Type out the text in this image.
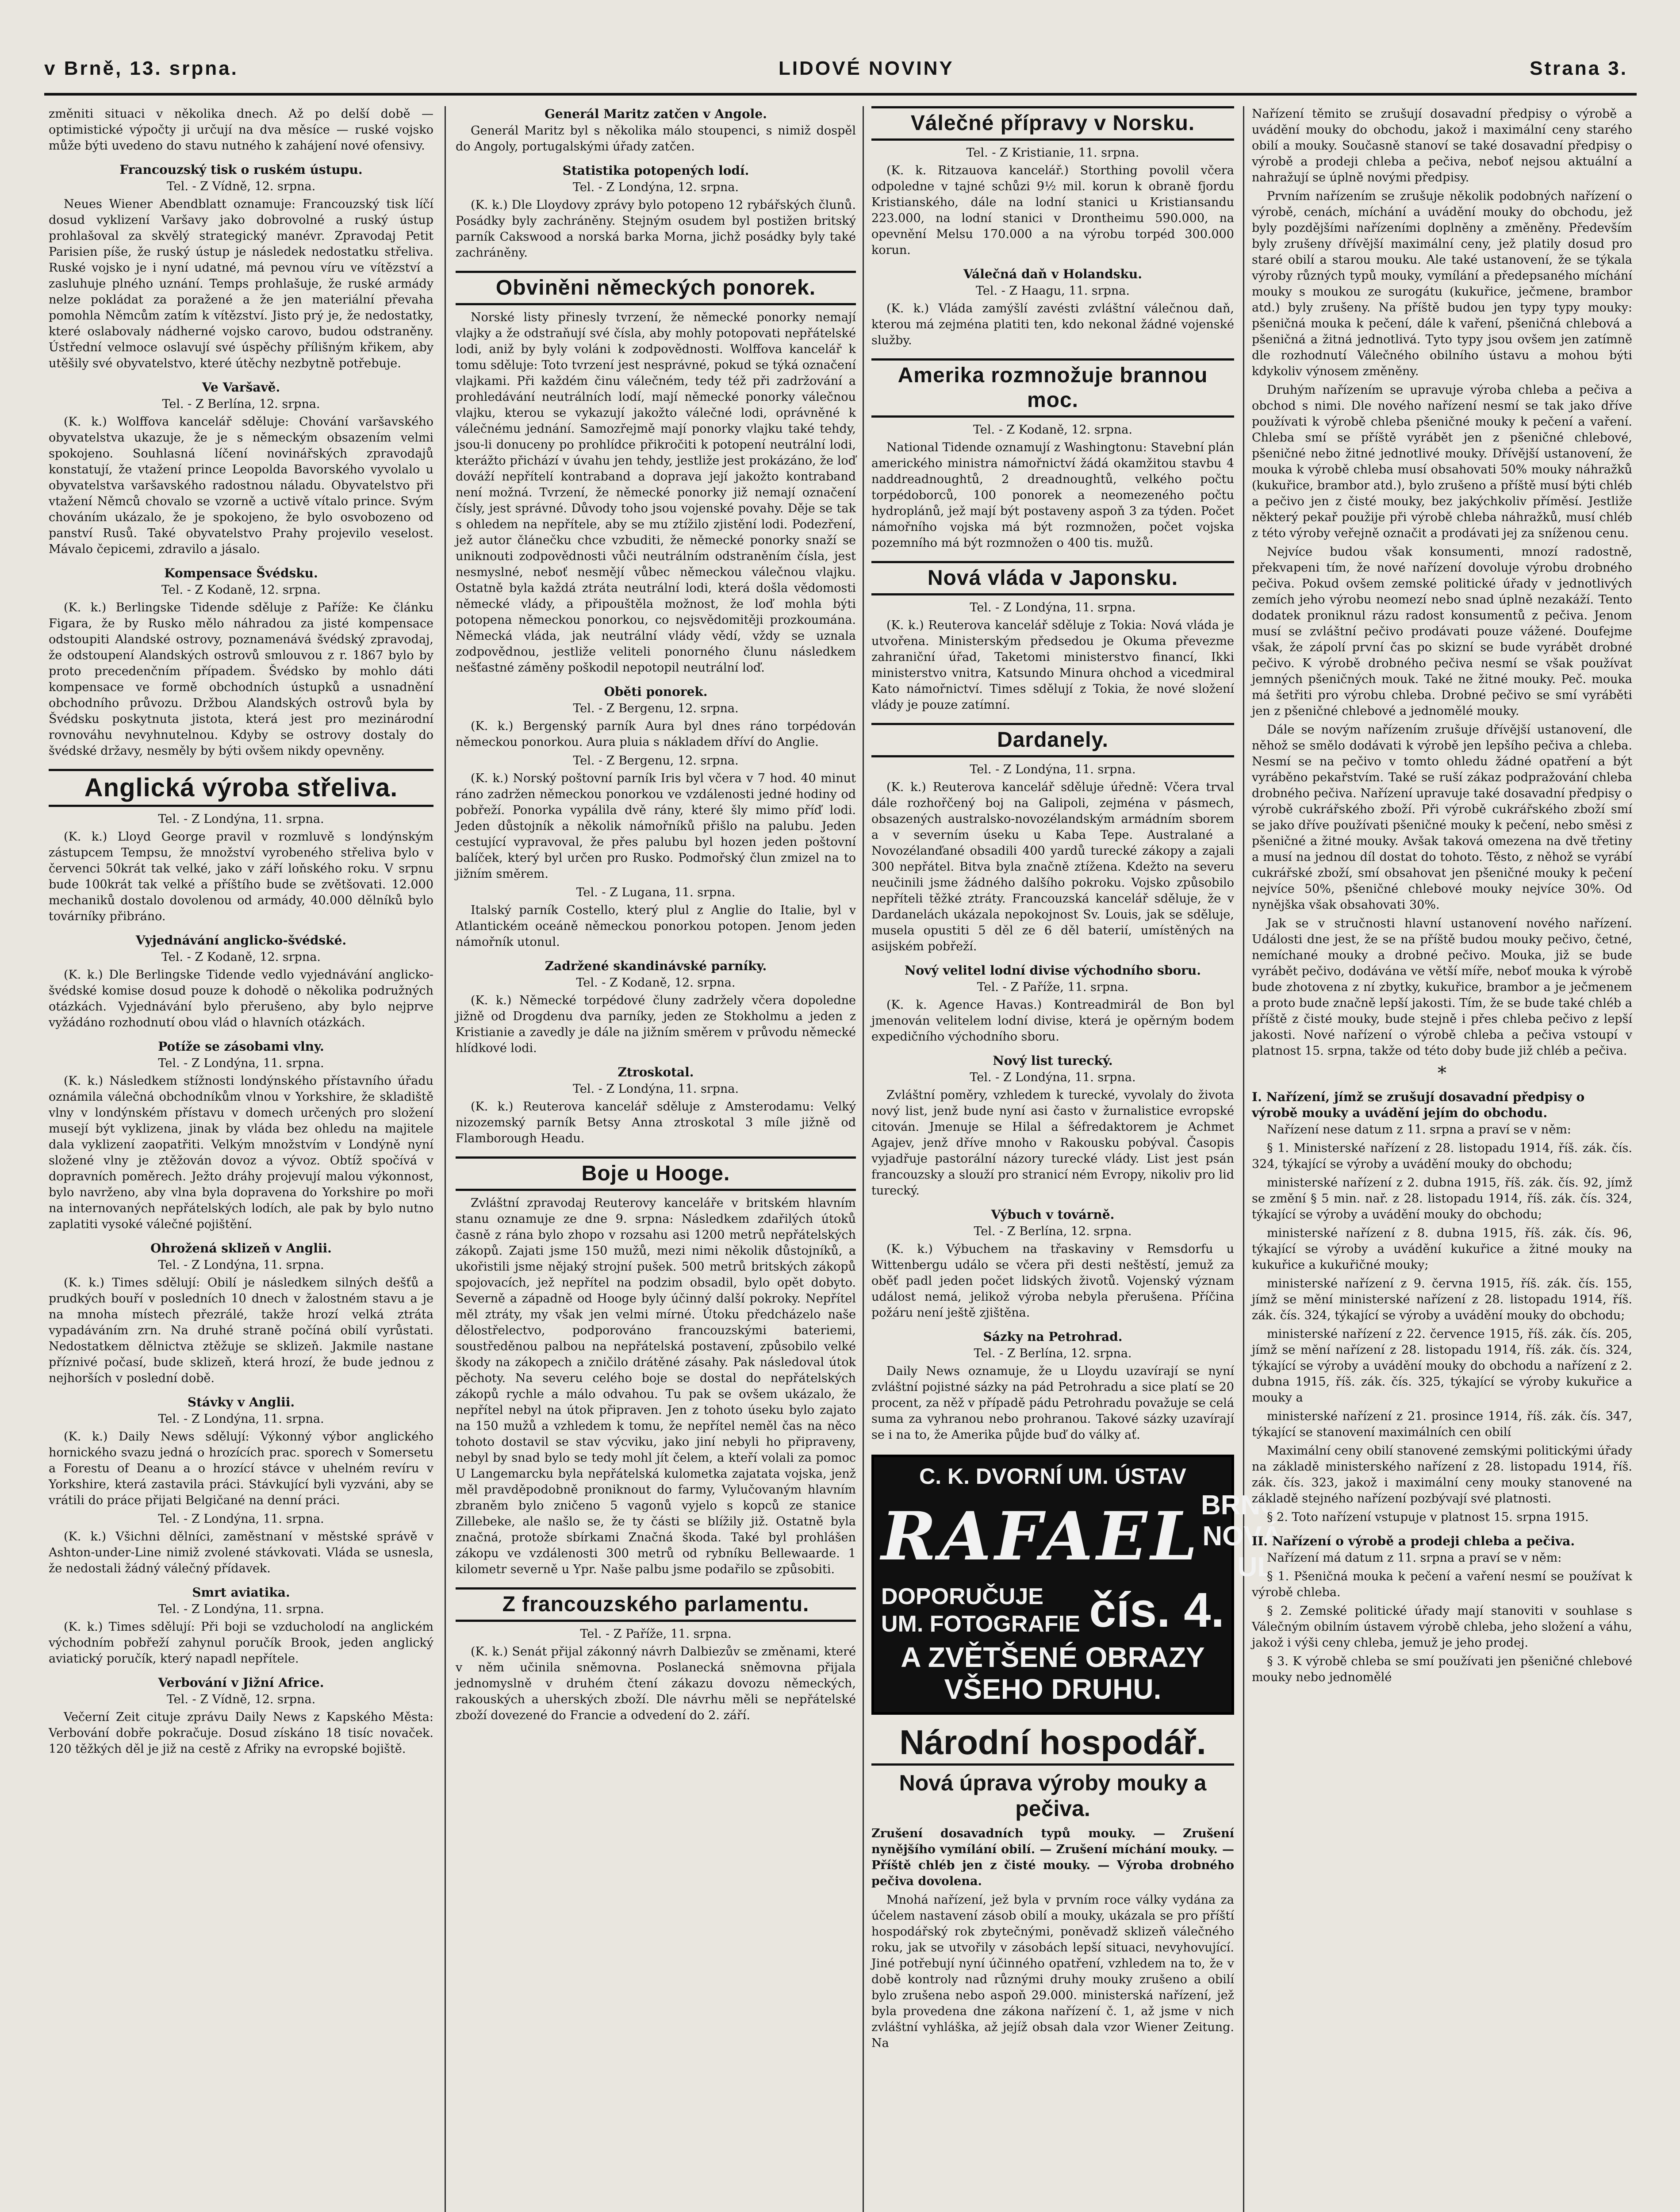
v Brně, 13. srpna.	LIDOVÉ NOVINY	Strana 3.

změniti situaci v několika dnech. Až po delší době — optimistické výpočty ji určují na dva měsíce — ruské vojsko může býti uvedeno do stavu nutného k zahájení nové ofensivy.

Francouzský tisk o ruském ústupu.

Tel. - Z Vídně, 12. srpna.

Neues Wiener Abendblatt oznamuje: Francouzský tisk líčí dosud vyklizení Varšavy jako dobrovolné a ruský ústup prohlašoval za skvělý strategický manévr. Zpravodaj Petit Parisien píše, že ruský ústup je následek nedostatku střeliva. Ruské vojsko je i nyní udatné, má pevnou víru ve vítězství a zasluhuje plného uznání. Temps prohlašuje, že ruské armády nelze pokládat za poražené a že jen materiální převaha pomohla Němcům zatím k vítězství. Jisto prý je, že nedostatky, které oslabovaly nádherné vojsko carovo, budou odstraněny. Ústřední velmoce oslavují své úspěchy přílišným křikem, aby utěšily své obyvatelstvo, které útěchy nezbytně potřebuje.

Ve Varšavě.

Tel. - Z Berlína, 12. srpna.

(K. k.) Wolffova kancelář sděluje: Chování varšavského obyvatelstva ukazuje, že je s německým obsazením velmi spokojeno. Souhlasná líčení novinářských zpravodajů konstatují, že vtažení prince Leopolda Bavorského vyvolalo u obyvatelstva varšavského radostnou náladu. Obyvatelstvo při vtažení Němců chovalo se vzorně a uctivě vítalo prince. Svým chováním ukázalo, že je spokojeno, že bylo osvobozeno od panství Rusů. Také obyvatelstvo Prahy projevilo veselost. Mávalo čepicemi, zdravilo a jásalo.

Kompensace Švédsku.

Tel. - Z Kodaně, 12. srpna.

(K. k.) Berlingske Tidende sděluje z Paříže: Ke článku Figara, že by Rusko mělo náhradou za jisté kompensace odstoupiti Alandské ostrovy, poznamenává švédský zpravodaj, že odstoupení Alandských ostrovů smlouvou z r. 1867 bylo by proto precedenčním případem. Švédsko by mohlo dáti kompensace ve formě obchodních ústupků a usnadnění obchodního průvozu. Držbou Alandských ostrovů byla by Švédsku poskytnuta jistota, která jest pro mezinárodní rovnováhu nevyhnutelnou. Kdyby se ostrovy dostaly do švédské državy, nesměly by býti ovšem nikdy opevněny.

Anglická výroba střeliva.

Tel. - Z Londýna, 11. srpna.

(K. k.) Lloyd George pravil v rozmluvě s londýnským zástupcem Tempsu, že množství vyrobeného střeliva bylo v červenci 50krát tak velké, jako v září loňského roku. V srpnu bude 100krát tak velké a příštího bude se zvětšovati. 12.000 mechaniků dostalo dovolenou od armády, 40.000 dělníků bylo továrníky přibráno.

Vyjednávání anglicko-švédské.

Tel. - Z Kodaně, 12. srpna.

(K. k.) Dle Berlingske Tidende vedlo vyjednávání anglicko-švédské komise dosud pouze k dohodě o několika podružných otázkách. Vyjednávání bylo přerušeno, aby bylo nejprve vyžádáno rozhodnutí obou vlád o hlavních otázkách.

Potíže se zásobami vlny.

Tel. - Z Londýna, 11. srpna.

(K. k.) Následkem stížnosti londýnského přístavního úřadu oznámila válečná obchodníkům vlnou v Yorkshire, že skladiště vlny v londýnském přístavu v domech určených pro složení musejí být vyklizena, jinak by vláda bez ohledu na majitele dala vyklizení zaopatřiti. Velkým množstvím v Londýně nyní složené vlny je ztěžován dovoz a vývoz. Obtíž spočívá v dopravních poměrech. Ježto dráhy projevují malou výkonnost, bylo navrženo, aby vlna byla dopravena do Yorkshire po moři na internovaných nepřátelských lodích, ale pak by bylo nutno zaplatiti vysoké válečné pojištění.

Ohrožená sklizeň v Anglii.

Tel. - Z Londýna, 11. srpna.

(K. k.) Times sdělují: Obilí je následkem silných dešťů a prudkých bouří v posledních 10 dnech v žalostném stavu a je na mnoha místech přezrálé, takže hrozí velká ztráta vypadáváním zrn. Na druhé straně počíná obilí vyrůstati. Nedostatkem dělnictva ztěžuje se sklizeň. Jakmile nastane příznivé počasí, bude sklizeň, která hrozí, že bude jednou z nejhorších v poslední době.

Stávky v Anglii.

Tel. - Z Londýna, 11. srpna.

(K. k.) Daily News sdělují: Výkonný výbor anglického hornického svazu jedná o hrozících prac. sporech v Somersetu a Forestu of Deanu a o hrozící stávce v uhelném revíru v Yorkshire, která zastavila práci. Stávkující byli vyzváni, aby se vrátili do práce přijati Belgičané na denní práci.

Tel. - Z Londýna, 11. srpna.

(K. k.) Všichni dělníci, zaměstnaní v městské správě v Ashton-under-Line nimiž zvolené stávkovati. Vláda se usnesla, že nedostali žádný válečný přídavek.

Smrt aviatika.

Tel. - Z Londýna, 11. srpna.

(K. k.) Times sdělují: Při boji se vzducholodí na anglickém východním pobřeží zahynul poručík Brook, jeden anglický aviatický poručík, který napadl nepřítele.

Verbování v Jižní Africe.

Tel. - Z Vídně, 12. srpna.

Večerní Zeit cituje zprávu Daily News z Kapského Města: Verbování dobře pokračuje. Dosud získáno 18 tisíc novaček. 120 těžkých děl je již na cestě z Afriky na evropské bojiště.

Generál Maritz zatčen v Angole.

Generál Maritz byl s několika málo stoupenci, s nimiž dospěl do Angoly, portugalskými úřady zatčen.

Statistika potopených lodí.

Tel. - Z Londýna, 12. srpna.

(K. k.) Dle Lloydovy zprávy bylo potopeno 12 rybářských člunů. Posádky byly zachráněny. Stejným osudem byl postižen britský parník Cakswood a norská barka Morna, jichž posádky byly také zachráněny.

Obviněni německých ponorek.

Norské listy přinesly tvrzení, že německé ponorky nemají vlajky a že odstraňují své čísla, aby mohly potopovati nepřátelské lodi, aniž by byly voláni k zodpovědnosti. Wolffova kancelář k tomu sděluje: Toto tvrzení jest nesprávné, pokud se týká označení vlajkami. Při každém činu válečném, tedy též při zadržování a prohledávání neutrálních lodí, mají německé ponorky válečnou vlajku, kterou se vykazují jakožto válečné lodi, oprávněné k válečnému jednání. Samozřejmě mají ponorky vlajku také tehdy, jsou-li donuceny po prohlídce přikročiti k potopení neutrální lodi, kterážto přichází v úvahu jen tehdy, jestliže jest prokázáno, že loď dováží nepřítelí kontraband a doprava její jakožto kontraband není možná. Tvrzení, že německé ponorky již nemají označení čísly, jest správné. Důvody toho jsou vojenské povahy. Děje se tak s ohledem na nepřítele, aby se mu ztížilo zjistění lodi. Podezření, jež autor článečku chce vzbuditi, že německé ponorky snaží se uniknouti zodpovědnosti vůči neutrálním odstraněním čísla, jest nesmyslné, neboť nesmějí vůbec německou válečnou vlajku. Ostatně byla každá ztráta neutrální lodi, která došla vědomosti německé vlády, a připouštěla možnost, že loď mohla býti potopena německou ponorkou, co nejsvědomitěji prozkoumána. Německá vláda, jak neutrální vlády vědí, vždy se uznala zodpovědnou, jestliže veliteli ponorného člunu následkem nešťastné záměny poškodil nepotopil neutrální loď.

Oběti ponorek.

Tel. - Z Bergenu, 12. srpna.

(K. k.) Bergenský parník Aura byl dnes ráno torpédován německou ponorkou. Aura pluia s nákladem dříví do Anglie.

Tel. - Z Bergenu, 12. srpna.

(K. k.) Norský poštovní parník Iris byl včera v 7 hod. 40 minut ráno zadržen německou ponorkou ve vzdálenosti jedné hodiny od pobřeží. Ponorka vypálila dvě rány, které šly mimo příď lodi. Jeden důstojník a několik námořníků přišlo na palubu. Jeden cestující vypravoval, že přes palubu byl hozen jeden poštovní balíček, který byl určen pro Rusko. Podmořský člun zmizel na to jižním směrem.

Tel. - Z Lugana, 11. srpna.

Italský parník Costello, který plul z Anglie do Italie, byl v Atlantickém oceáně německou ponorkou potopen. Jenom jeden námořník utonul.

Zadržené skandinávské parníky.

Tel. - Z Kodaně, 12. srpna.

(K. k.) Německé torpédové čluny zadržely včera dopoledne jižně od Drogdenu dva parníky, jeden ze Stokholmu a jeden z Kristianie a zavedly je dále na jižním směrem v průvodu německé hlídkové lodi.

Ztroskotal.

Tel. - Z Londýna, 11. srpna.

(K. k.) Reuterova kancelář sděluje z Amsterodamu: Velký nizozemský parník Betsy Anna ztroskotal 3 míle jižně od Flamborough Headu.

Boje u Hooge.

Zvláštní zpravodaj Reuterovy kanceláře v britském hlavním stanu oznamuje ze dne 9. srpna: Následkem zdařilých útoků časně z rána bylo zhopo v rozsahu asi 1200 metrů nepřátelských zákopů. Zajati jsme 150 mužů, mezi nimi několik důstojníků, a ukořistili jsme nějaký strojní pušek. 500 metrů britských zákopů spojovacích, jež nepřítel na podzim obsadil, bylo opět dobyto. Severně a západně od Hooge byly účinný další pokroky. Nepřítel měl ztráty, my však jen velmi mírné. Útoku předcházelo naše dělostřelectvo, podporováno francouzskými bateriemi, soustředěnou palbou na nepřátelská postavení, způsobilo velké škody na zákopech a zničilo drátěné zásahy. Pak následoval útok pěchoty. Na severu celého boje se dostal do nepřátelských zákopů rychle a málo odvahou. Tu pak se ovšem ukázalo, že nepřítel nebyl na útok připraven. Jen z tohoto úseku bylo zajato na 150 mužů a vzhledem k tomu, že nepřítel neměl čas na něco tohoto dostavil se stav výcviku, jako jiní nebyli ho připraveny, nebyl by snad bylo se tedy mohl jít čelem, a kteří volali za pomoc U Langemarcku byla nepřátelská kulometka zajatata vojska, jenž měl pravděpodobně proniknout do farmy, Vylučovaným hlavním zbraněm bylo zničeno 5 vagonů vyjelo s kopců ze stanice Zillebeke, ale našlo se, že ty části se blížily již. Ostatně byla značná, protože sbírkami Značná škoda. Také byl prohlášen zákopu ve vzdálenosti 300 metrů od rybníku Bellewaarde. 1 kilometr severně u Ypr. Naše palbu jsme podařilo se způsobiti.

Z francouzského parlamentu.

Tel. - Z Paříže, 11. srpna.

(K. k.) Senát přijal zákonný návrh Dalbiezův se změnami, které v něm učinila sněmovna. Poslanecká sněmovna přijala jednomyslně v druhém čtení zákazu dovozu německých, rakouských a uherských zboží. Dle návrhu měli se nepřátelské zboží dovezené do Francie a odvedení do 2. září.

Válečné přípravy v Norsku.

Tel. - Z Kristianie, 11. srpna.

(K. k. Ritzauova kancelář.) Storthing povolil včera odpoledne v tajné schůzi 9½ mil. korun k obraně fjordu Kristianského, dále na lodní stanici u Kristiansandu 223.000, na lodní stanici v Drontheimu 590.000, na opevnění Melsu 170.000 a na výrobu torpéd 300.000 korun.

Válečná daň v Holandsku.

Tel. - Z Haagu, 11. srpna.

(K. k.) Vláda zamýšlí zavésti zvláštní válečnou daň, kterou má zejména platiti ten, kdo nekonal žádné vojenské služby.

Amerika rozmnožuje brannou moc.

Tel. - Z Kodaně, 12. srpna.

National Tidende oznamují z Washingtonu: Stavební plán amerického ministra námořnictví žádá okamžitou stavbu 4 naddreadnoughtů, 2 dreadnoughtů, velkého počtu torpédoborců, 100 ponorek a neomezeného počtu hydroplánů, jež mají být postaveny aspoň 3 za týden. Počet námořního vojska má být rozmnožen, počet vojska pozemního má být rozmnožen o 400 tis. mužů.

Nová vláda v Japonsku.

Tel. - Z Londýna, 11. srpna.

(K. k.) Reuterova kancelář sděluje z Tokia: Nová vláda je utvořena. Ministerským předsedou je Okuma převezme zahraniční úřad, Taketomi ministerstvo financí, Ikki ministerstvo vnitra, Katsundo Minura ohchod a vicedmiral Kato námořnictví. Times sdělují z Tokia, že nové složení vlády je pouze zatímní.

Dardanely.

Tel. - Z Londýna, 11. srpna.

(K. k.) Reuterova kancelář sděluje úředně: Včera trval dále rozhořčený boj na Galipoli, zejména v pásmech, obsazených australsko-novozélandským armádním sborem a v severním úseku u Kaba Tepe. Australané a Novozélanďané obsadili 400 yardů turecké zákopy a zajali 300 nepřátel. Bitva byla značně ztížena. Kdežto na severu neučinili jsme žádného dalšího pokroku. Vojsko způsobilo nepříteli těžké ztráty. Francouzská kancelář sděluje, že v Dardanelách ukázala nepokojnost Sv. Louis, jak se sděluje, musela opustiti 5 děl ze 6 děl baterií, umístěných na asijském pobřeží.

Nový velitel lodní divise východního sboru.

Tel. - Z Paříže, 11. srpna.

(K. k. Agence Havas.) Kontreadmirál de Bon byl jmenován velitelem lodní divise, která je opěrným bodem expedičního východního sboru.

Nový list turecký.

Tel. - Z Londýna, 11. srpna.

Zvláštní poměry, vzhledem k turecké, vyvolaly do života nový list, jenž bude nyní asi často v žurnalistice evropské citován. Jmenuje se Hilal a šéfredaktorem je Achmet Agajev, jenž dříve mnoho v Rakousku pobýval. Časopis vyjadřuje pastorální názory turecké vlády. List jest psán francouzsky a slouží pro stranicí ném Evropy, nikoliv pro lid turecký.

Výbuch v továrně.

Tel. - Z Berlína, 12. srpna.

(K. k.) Výbuchem na třaskaviny v Remsdorfu u Wittenbergu událo se včera při desti neštěstí, jemuž za oběť padl jeden počet lidských životů. Vojenský význam událost nemá, jelikož výroba nebyla přerušena. Příčina požáru není ještě zjištěna.

Sázky na Petrohrad.

Tel. - Z Berlína, 12. srpna.

Daily News oznamuje, že u Lloydu uzavírají se nyní zvláštní pojistné sázky na pád Petrohradu a sice platí se 20 procent, za něž v případě pádu Petrohradu považuje se celá suma za vyhranou nebo prohranou. Takové sázky uzavírají se i na to, že Amerika půjde buď do války ať.

C. K. DVORNÍ UM. ÚSTAV
RAFAEL BRNO
NOVÁ UL.
DOPORUČUJE
UM. FOTOGRAFIE čís. 4.
A ZVĚTŠENÉ OBRAZY VŠEHO DRUHU.
Národní hospodář.
Nová úprava výroby mouky a pečiva.

Zrušení dosavadních typů mouky. — Zrušení nynějšího vymílání obilí. — Zrušení míchání mouky. — Příště chléb jen z čisté mouky. — Výroba drobného pečiva dovolena.

Mnohá nařízení, jež byla v prvním roce války vydána za účelem nastavení zásob obilí a mouky, ukázala se pro příští hospodářský rok zbytečnými, poněvadž sklizeň válečného roku, jak se utvořily v zásobách lepší situaci, nevyhovující. Jiné potřebují nyní účinného opatření, vzhledem na to, že v době kontroly nad různými druhy mouky zrušeno a obilí bylo zrušena nebo aspoň 29.000. ministerská nařízení, jež byla provedena dne zákona nařízení č. 1, až jsme v nich zvláštní vyhláška, až jejíž obsah dala vzor Wiener Zeitung. Na

Nařízení těmito se zrušují dosavadní předpisy o výrobě a uvádění mouky do obchodu, jakož i maximální ceny starého obilí a mouky. Současně stanoví se také dosavadní předpisy o výrobě a prodeji chleba a pečiva, neboť nejsou aktuální a nahražují se úplně novými předpisy.

Prvním nařízením se zrušuje několik podobných nařízení o výrobě, cenách, míchání a uvádění mouky do obchodu, jež byly pozdějšími nařízeními doplněny a změněny. Především byly zrušeny dřívější maximální ceny, jež platily dosud pro staré obilí a starou mouku. Ale také ustanovení, že se týkala výroby různých typů mouky, vymílání a předepsaného míchání mouky s moukou ze surogátu (kukuřice, ječmene, brambor atd.) byly zrušeny. Na příště budou jen typy typy mouky: pšeničná mouka k pečení, dále k vaření, pšeničná chlebová a pšeničná a žitná jednotlivá. Tyto typy jsou ovšem jen zatímně dle rozhodnutí Válečného obilního ústavu a mohou býti kdykoliv výnosem změněny.

Druhým nařízením se upravuje výroba chleba a pečiva a obchod s nimi. Dle nového nařízení nesmí se tak jako dříve používati k výrobě chleba pšeničné mouky k pečení a vaření. Chleba smí se příště vyrábět jen z pšeničné chlebové, pšeničné nebo žitné jednotlivé mouky. Dřívější ustanovení, že mouka k výrobě chleba musí obsahovati 50% mouky náhražků (kukuřice, brambor atd.), bylo zrušeno a příště musí býti chléb a pečivo jen z čisté mouky, bez jakýchkoliv příměsí. Jestliže některý pekař použije při výrobě chleba náhražků, musí chléb z této výroby veřejně označit a prodávati jej za sníženou cenu.

Nejvíce budou však konsumenti, mnozí radostně, překvapeni tím, že nové nařízení dovoluje výrobu drobného pečiva. Pokud ovšem zemské politické úřady v jednotlivých zemích jeho výrobu neomezí nebo snad úplně nezakáží. Tento dodatek proniknul rázu radost konsumentů z pečiva. Jenom musí se zvláštní pečivo prodávati pouze vážené. Doufejme však, že zápolí první čas po skizní se bude vyrábět drobné pečivo. K výrobě drobného pečiva nesmí se však používat jemných pšeničných mouk. Také ne žitné mouky. Peč. mouka má šetřiti pro výrobu chleba. Drobné pečivo se smí vyráběti jen z pšeničné chlebové a jednomělé mouky.

Dále se novým nařízením zrušuje dřívější ustanovení, dle něhož se smělo dodávati k výrobě jen lepšího pečiva a chleba. Nesmí se na pečivo v tomto ohledu žádné opatření a být vyráběno pekařstvím. Také se ruší zákaz podpražování chleba drobného pečiva. Nařízení upravuje také dosavadní předpisy o výrobě cukrářského zboží. Při výrobě cukrářského zboží smí se jako dříve používati pšeničné mouky k pečení, nebo směsi z pšeničné a žitné mouky. Avšak taková omezena na dvě třetiny a musí na jednou díl dostat do tohoto. Těsto, z něhož se vyrábí cukrářské zboží, smí obsahovat jen pšeničné mouky k pečení nejvíce 50%, pšeničné chlebové mouky nejvíce 30%. Od nynějška však obsahovati 30%.

Jak se v stručnosti hlavní ustanovení nového nařízení. Události dne jest, že se na příště budou mouky pečivo, četné, nemíchané mouky a drobné pečivo. Mouka, již se bude vyrábět pečivo, dodávána ve větší míře, neboť mouka k výrobě bude zhotovena z ní zbytky, kukuřice, brambor a je ječmenem a proto bude značně lepší jakosti. Tím, že se bude také chléb a příště z čisté mouky, bude stejně i přes chleba pečivo z lepší jakosti. Nové nařízení o výrobě chleba a pečiva vstoupí v platnost 15. srpna, takže od této doby bude již chléb a pečiva.

*
I. Nařízení, jímž se zrušují dosavadní předpisy o výrobě mouky a uvádění jejím do obchodu.

Nařízení nese datum z 11. srpna a praví se v něm:

§ 1. Ministerské nařízení z 28. listopadu 1914, říš. zák. čís. 324, týkající se výroby a uvádění mouky do obchodu;

ministerské nařízení z 2. dubna 1915, říš. zák. čís. 92, jímž se změní § 5 min. nař. z 28. listopadu 1914, říš. zák. čís. 324, týkající se výroby a uvádění mouky do obchodu;

ministerské nařízení z 8. dubna 1915, říš. zák. čís. 96, týkající se výroby a uvádění kukuřice a žitné mouky na kukuřice a kukuřičné mouky;

ministerské nařízení z 9. června 1915, říš. zák. čís. 155, jímž se mění ministerské nařízení z 28. listopadu 1914, říš. zák. čís. 324, týkající se výroby a uvádění mouky do obchodu;

ministerské nařízení z 22. července 1915, říš. zák. čís. 205, jímž se mění nařízení z 28. listopadu 1914, říš. zák. čís. 324, týkající se výroby a uvádění mouky do obchodu a nařízení z 2. dubna 1915, říš. zák. čís. 325, týkající se výroby kukuřice a mouky a

ministerské nařízení z 21. prosince 1914, říš. zák. čís. 347, týkající se stanovení maximálních cen obilí

Maximální ceny obilí stanovené zemskými politickými úřady na základě ministerského nařízení z 28. listopadu 1914, říš. zák. čís. 323, jakož i maximální ceny mouky stanovené na základě stejného nařízení pozbývají své platnosti.

§ 2. Toto nařízení vstupuje v platnost 15. srpna 1915.

II. Nařízení o výrobě a prodeji chleba a pečiva.

Nařízení má datum z 11. srpna a praví se v něm:

§ 1. Pšeničná mouka k pečení a vaření nesmí se používat k výrobě chleba.

§ 2. Zemské politické úřady mají stanoviti v souhlase s Válečným obilním ústavem výrobě chleba, jeho složení a váhu, jakož i výši ceny chleba, jemuž je jeho prodej.

§ 3. K výrobě chleba se smí používati jen pšeničné chlebové mouky nebo jednomělé
